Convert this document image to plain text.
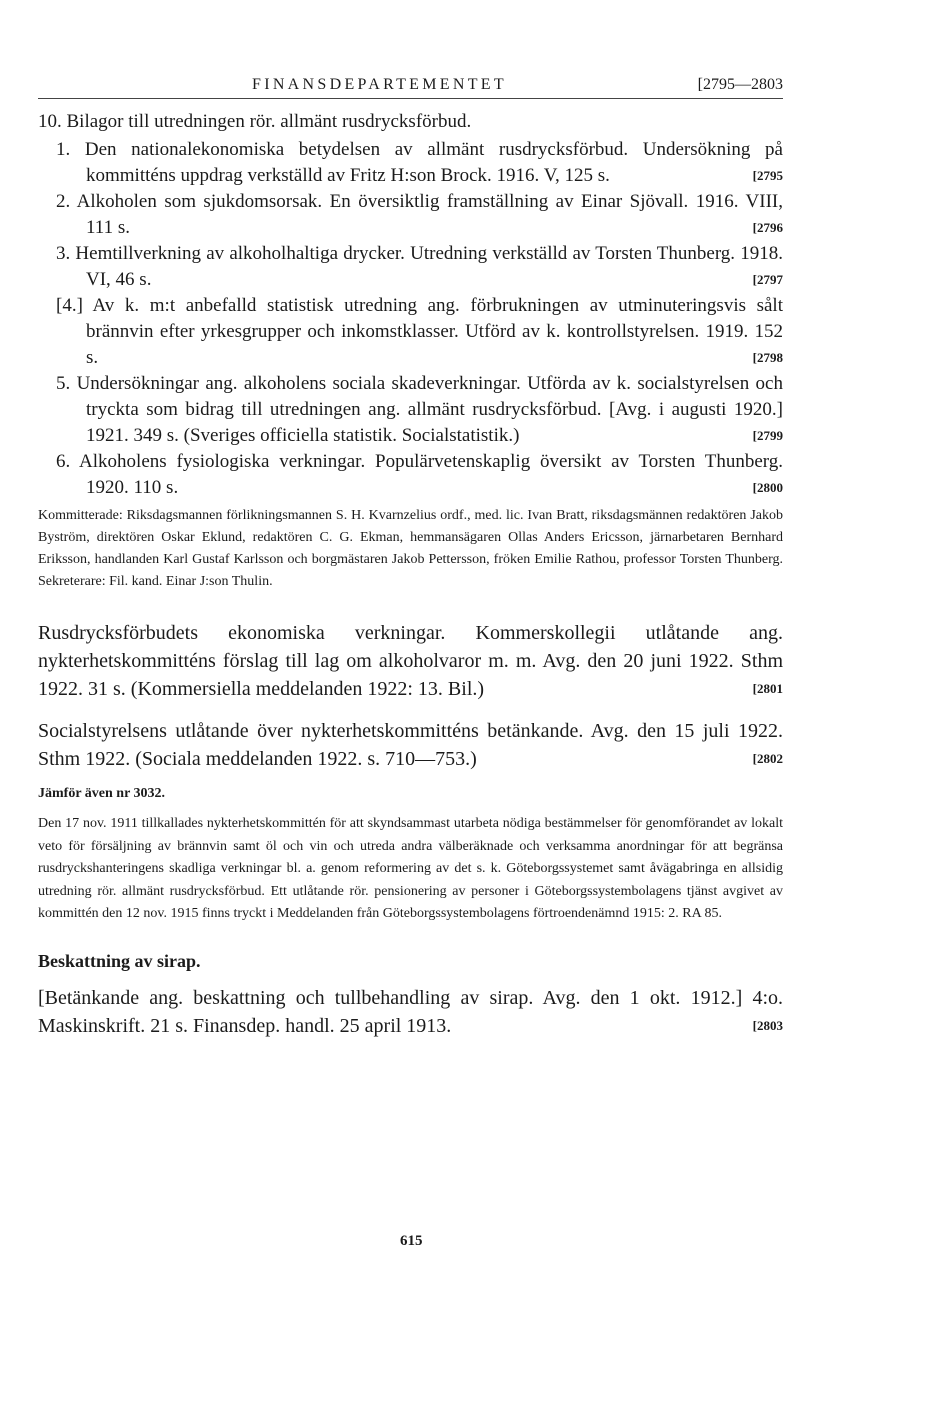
FINANSDEPARTEMENTET	[2795—2803
10. Bilagor till utredningen rör. allmänt rusdrycksförbud.
1. Den nationalekonomiska betydelsen av allmänt rusdrycksförbud. Undersökning på kommitténs uppdrag verkställd av Fritz H:son Brock. 1916. V, 125 s.	[2795
2. Alkoholen som sjukdomsorsak. En översiktlig framställning av Einar Sjövall. 1916. VIII, 111 s.	[2796
3. Hemtillverkning av alkoholhaltiga drycker. Utredning verkställd av Torsten Thunberg. 1918. VI, 46 s.	[2797
[4.] Av k. m:t anbefalld statistisk utredning ang. förbrukningen av utminuteringsvis sålt brännvin efter yrkesgrupper och inkomstklasser. Utförd av k. kontrollstyrelsen. 1919. 152 s.	[2798
5. Undersökningar ang. alkoholens sociala skadeverkningar. Utförda av k. socialstyrelsen och tryckta som bidrag till utredningen ang. allmänt rusdrycksförbud. [Avg. i augusti 1920.] 1921. 349 s. (Sveriges officiella statistik. Socialstatistik.)	[2799
6. Alkoholens fysiologiska verkningar. Populärvetenskaplig översikt av Torsten Thunberg. 1920. 110 s.	[2800
Kommitterade: Riksdagsmannen förlikningsmannen S. H. Kvarnzelius ordf., med. lic. Ivan Bratt, riksdagsmännen redaktören Jakob Byström, direktören Oskar Eklund, redaktören C. G. Ekman, hemmansägaren Ollas Anders Ericsson, järnarbetaren Bernhard Eriksson, handlanden Karl Gustaf Karlsson och borgmästaren Jakob Pettersson, fröken Emilie Rathou, professor Torsten Thunberg. Sekreterare: Fil. kand. Einar J:son Thulin.
Rusdrycksförbudets ekonomiska verkningar. Kommerskollegii utlåtande ang. nykterhetskommitténs förslag till lag om alkoholvaror m. m. Avg. den 20 juni 1922. Sthm 1922. 31 s. (Kommersiella meddelanden 1922: 13. Bil.)	[2801
Socialstyrelsens utlåtande över nykterhetskommitténs betänkande. Avg. den 15 juli 1922. Sthm 1922. (Sociala meddelanden 1922. s. 710—753.)	[2802
Jämför även nr 3032.
Den 17 nov. 1911 tillkallades nykterhetskommittén för att skyndsammast utarbeta nödiga bestämmelser för genomförandet av lokalt veto för försäljning av brännvin samt öl och vin och utreda andra välberäknade och verksamma anordningar för att begränsa rusdryckshanteringens skadliga verkningar bl. a. genom reformering av det s. k. Göteborgssystemet samt åvägabringa en allsidig utredning rör. allmänt rusdrycksförbud. Ett utlåtande rör. pensionering av personer i Göteborgssystembolagens tjänst avgivet av kommittén den 12 nov. 1915 finns tryckt i Meddelanden från Göteborgssystembolagens förtroendenämnd 1915: 2. RA 85.
Beskattning av sirap.
[Betänkande ang. beskattning och tullbehandling av sirap. Avg. den 1 okt. 1912.] 4:o. Maskinskrift. 21 s. Finansdep. handl. 25 april 1913.	[2803
615
